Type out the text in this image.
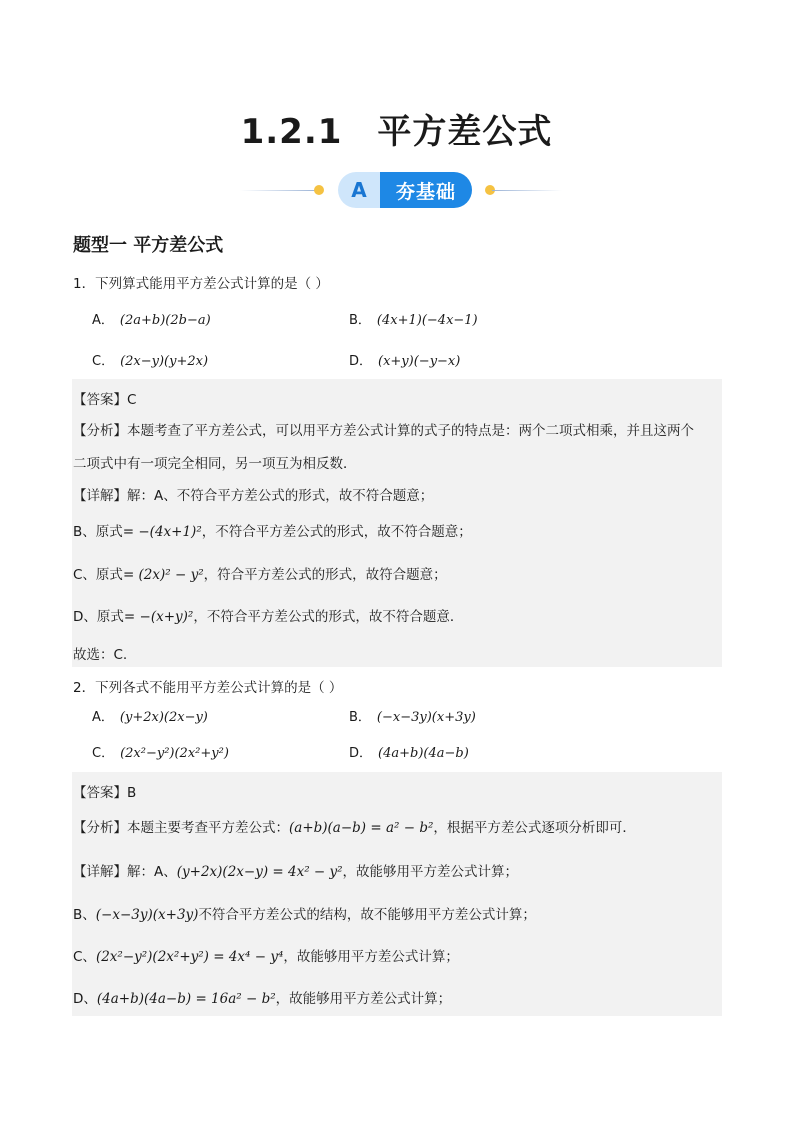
1.2.1　平方差公式
A	夯基础
题型一 平方差公式
1．下列算式能用平方差公式计算的是（ ）
A． (2a+b)(2b−a)	B． (4x+1)(−4x−1)
C． (2x−y)(y+2x)	D． (x+y)(−y−x)
【答案】C
【分析】本题考查了平方差公式，可以用平方差公式计算的式子的特点是：两个二项式相乘，并且这两个
二项式中有一项完全相同，另一项互为相反数．
【详解】解：A、不符合平方差公式的形式，故不符合题意；
B、原式= −(4x+1)²，不符合平方差公式的形式，故不符合题意；
C、原式= (2x)² − y²，符合平方差公式的形式，故符合题意；
D、原式= −(x+y)²，不符合平方差公式的形式，故不符合题意．
故选：C.
2．下列各式不能用平方差公式计算的是（ ）
A． (y+2x)(2x−y)	B． (−x−3y)(x+3y)
C． (2x²−y²)(2x²+y²)	D． (4a+b)(4a−b)
【答案】B
【分析】本题主要考查平方差公式：(a+b)(a−b) = a² − b²，根据平方差公式逐项分析即可．
【详解】解：A、(y+2x)(2x−y) = 4x² − y²，故能够用平方差公式计算；
B、(−x−3y)(x+3y)不符合平方差公式的结构，故不能够用平方差公式计算；
C、(2x²−y²)(2x²+y²) = 4x⁴ − y⁴，故能够用平方差公式计算；
D、(4a+b)(4a−b) = 16a² − b²，故能够用平方差公式计算；
